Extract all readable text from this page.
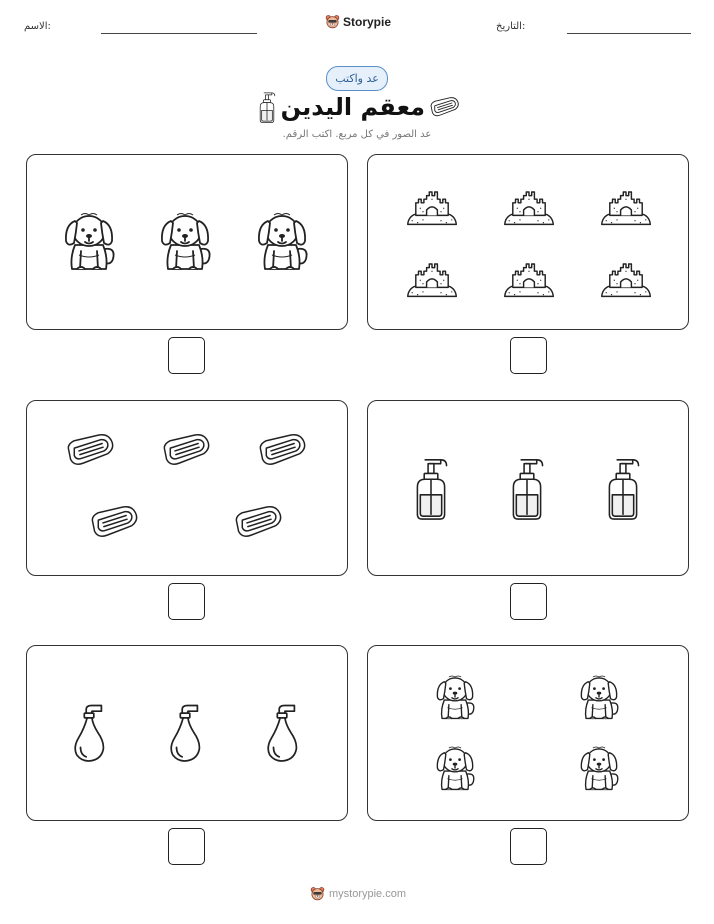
الاسم:	Storypie	التاريخ:
عد واكتب
معقم اليدين
عد الصور في كل مربع. اكتب الرقم.
mystorypie.com
